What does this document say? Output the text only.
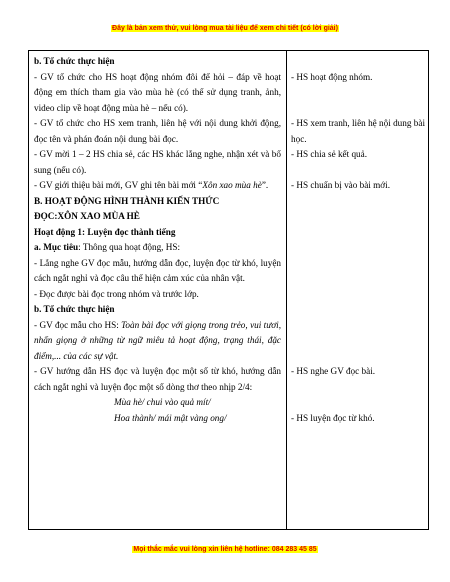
Đây là bản xem thử, vui lòng mua tài liệu để xem chi tiết (có lời giải)

b. Tổ chức thực hiện

- GV tổ chức cho HS hoạt động nhóm đôi để hỏi – đáp về hoạt động em thích tham gia vào mùa hè (có thể sử dụng tranh, ảnh, video clip về hoạt động mùa hè – nếu có).

- GV tổ chức cho HS xem tranh, liên hệ với nội dung khởi động, đọc tên và phán đoán nội dung bài đọc.

- GV mời 1 – 2 HS chia sẻ, các HS khác lắng nghe, nhận xét và bổ sung (nếu có).

- GV giới thiệu bài mới, GV ghi tên bài mới “Xôn xao mùa hè”.

B. HOẠT ĐỘNG HÌNH THÀNH KIẾN THỨC

ĐỌC:XÔN XAO MÙA HÈ

Hoạt động 1: Luyện đọc thành tiếng

a. Mục tiêu: Thông qua hoạt động, HS:

- Lắng nghe GV đọc mẫu, hướng dẫn đọc, luyện đọc từ khó, luyện cách ngắt nghỉ và đọc câu thể hiện cảm xúc của nhân vật.

- Đọc được bài đọc trong nhóm và trước lớp.

b. Tổ chức thực hiện

- GV đọc mẫu cho HS: Toàn bài đọc với giọng trong trẻo, vui tươi, nhấn giọng ở những từ ngữ miêu tả hoạt động, trạng thái, đặc điểm,... của các sự vật.

- GV hướng dẫn HS đọc và luyện đọc một số từ khó, hướng dẫn cách ngắt nghỉ và luyện đọc một số dòng thơ theo nhịp 2/4:

Mùa hè/ chui vào quả mít/

Hoa thành/ mái mật vàng ong/

- HS hoạt động nhóm.

- HS xem tranh, liên hệ nội dung bài học.

- HS chia sẻ kết quả.

- HS chuẩn bị vào bài mới.

- HS nghe GV đọc bài.

- HS luyện đọc từ khó.

Mọi thắc mắc vui lòng xin liên hệ hotline: 084 283 45 85
